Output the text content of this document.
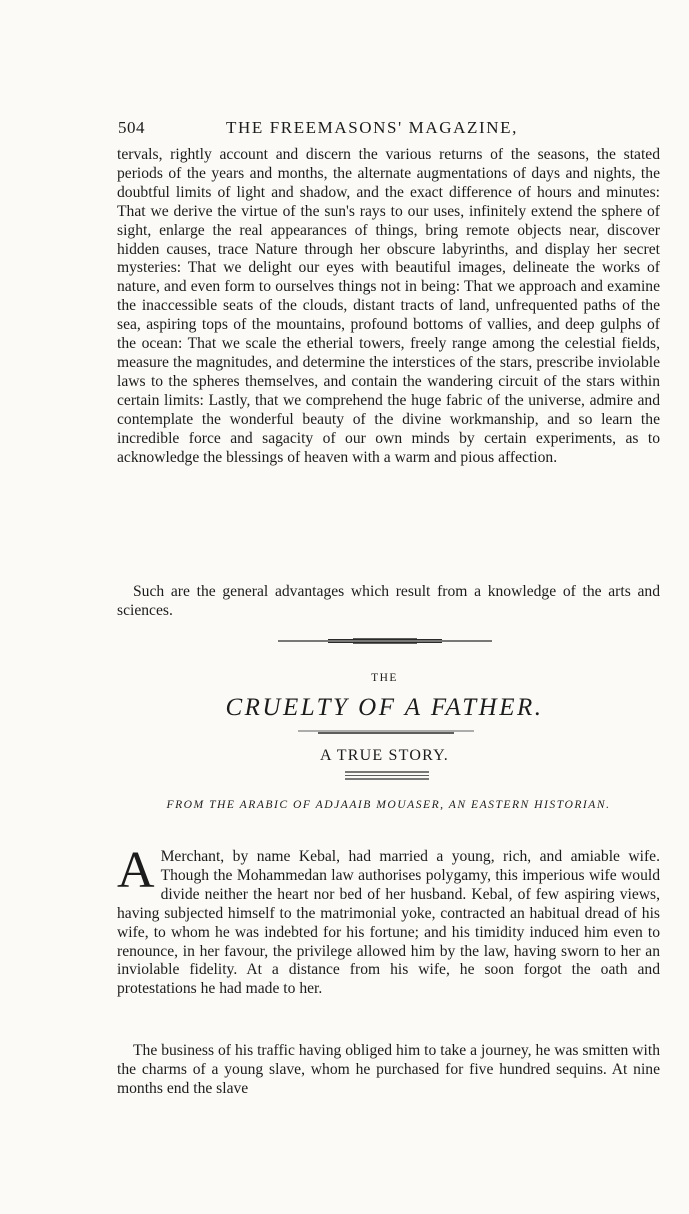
504	THE FREEMASONS' MAGAZINE,

tervals, rightly account and discern the various returns of the seasons, the stated periods of the years and months, the alternate augmentations of days and nights, the doubtful limits of light and shadow, and the exact difference of hours and minutes: That we derive the virtue of the sun's rays to our uses, infinitely extend the sphere of sight, enlarge the real appearances of things, bring remote objects near, discover hidden causes, trace Nature through her obscure labyrinths, and display her secret mysteries: That we delight our eyes with beautiful images, delineate the works of nature, and even form to ourselves things not in being: That we approach and examine the inaccessible seats of the clouds, distant tracts of land, unfrequented paths of the sea, aspiring tops of the mountains, profound bottoms of vallies, and deep gulphs of the ocean: That we scale the etherial towers, freely range among the celestial fields, measure the magnitudes, and determine the interstices of the stars, prescribe inviolable laws to the spheres themselves, and contain the wandering circuit of the stars within certain limits: Lastly, that we comprehend the huge fabric of the universe, admire and contemplate the wonderful beauty of the divine workmanship, and so learn the incredible force and sagacity of our own minds by certain experiments, as to acknowledge the blessings of heaven with a warm and pious affection.

Such are the general advantages which result from a knowledge of the arts and sciences.

THE
CRUELTY OF A FATHER.
A TRUE STORY.
FROM THE ARABIC OF ADJAAIB MOUASER, AN EASTERN HISTORIAN.

A Merchant, by name Kebal, had married a young, rich, and amiable wife. Though the Mohammedan law authorises polygamy, this imperious wife would divide neither the heart nor bed of her husband. Kebal, of few aspiring views, having subjected himself to the matrimonial yoke, contracted an habitual dread of his wife, to whom he was indebted for his fortune; and his timidity induced him even to renounce, in her favour, the privilege allowed him by the law, having sworn to her an inviolable fidelity. At a distance from his wife, he soon forgot the oath and protestations he had made to her.

The business of his traffic having obliged him to take a journey, he was smitten with the charms of a young slave, whom he purchased for five hundred sequins. At nine months end the slave
